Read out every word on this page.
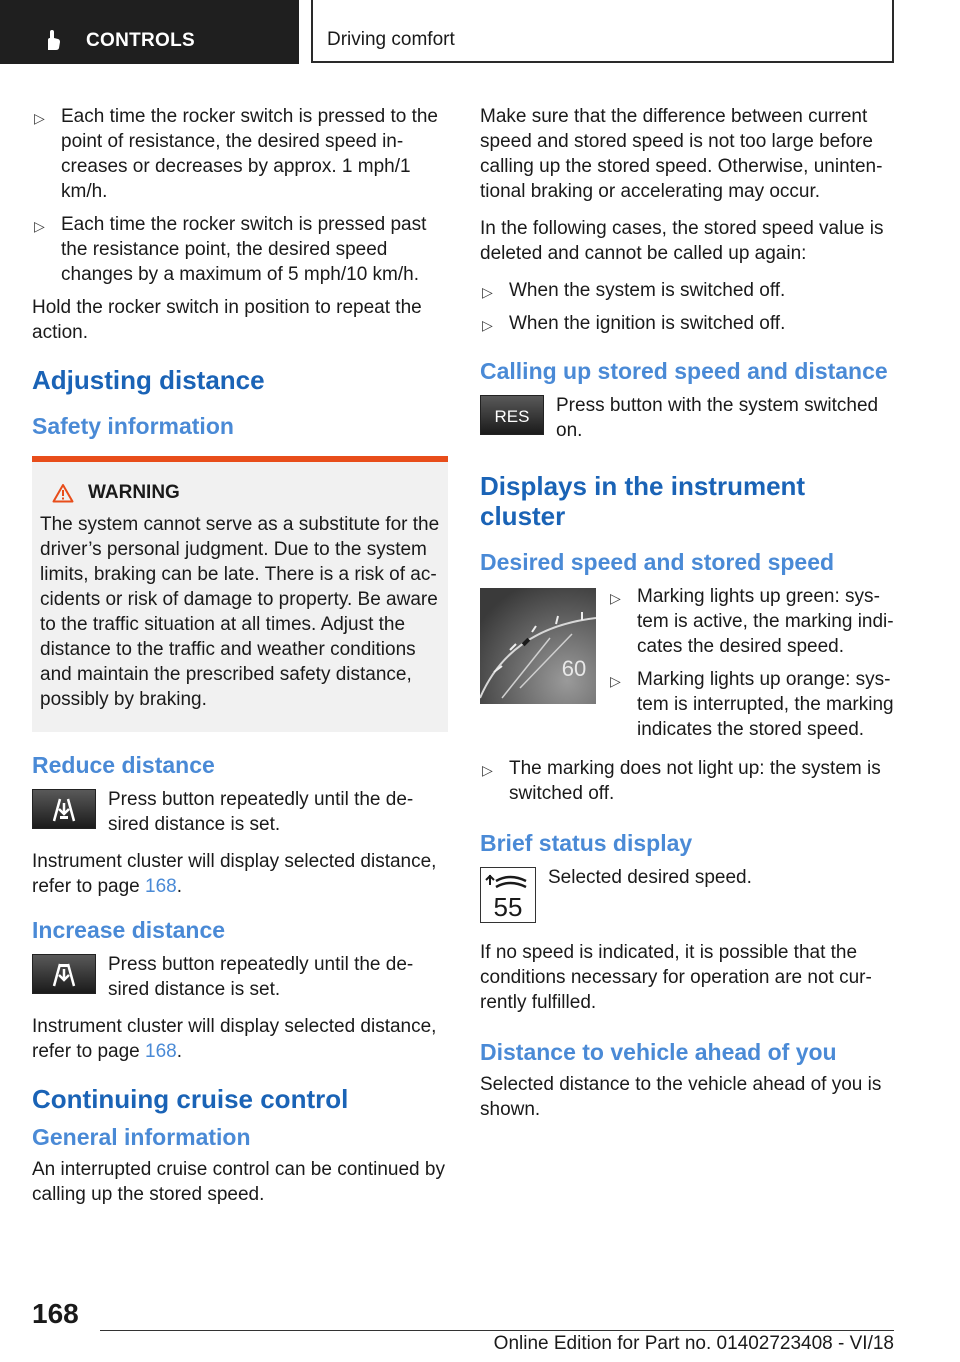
CONTROLS	Driving comfort
▷ Each time the rocker switch is pressed to the point of resistance, the desired speed increases or decreases by approx. 1 mph/1 km/h.
▷ Each time the rocker switch is pressed past the resistance point, the desired speed changes by a maximum of 5 mph/10 km/h.

Hold the rocker switch in position to repeat the action.

Adjusting distance
Safety information
WARNING

The system cannot serve as a substitute for the driver’s personal judgment. Due to the system limits, braking can be late. There is a risk of accidents or risk of damage to property. Be aware to the traffic situation at all times. Adjust the distance to the traffic and weather conditions and maintain the prescribed safety distance, possibly by braking.

Reduce distance

Press button repeatedly until the desired distance is set.

Instrument cluster will display selected distance, refer to page 168.

Increase distance

Press button repeatedly until the desired distance is set.

Instrument cluster will display selected distance, refer to page 168.

Continuing cruise control
General information

An interrupted cruise control can be continued by calling up the stored speed.

Make sure that the difference between current speed and stored speed is not too large before calling up the stored speed. Otherwise, unintentional braking or accelerating may occur.

In the following cases, the stored speed value is deleted and cannot be called up again:

▷ When the system is switched off.
▷ When the ignition is switched off.
Calling up stored speed and distance
RES

Press button with the system switched on.

Displays in the instrument cluster
Desired speed and stored speed
60
▷ Marking lights up green: system is active, the marking indicates the desired speed.
▷ Marking lights up orange: system is interrupted, the marking indicates the stored speed.
▷ The marking does not light up: the system is switched off.
Brief status display
55

Selected desired speed.

If no speed is indicated, it is possible that the conditions necessary for operation are not currently fulfilled.

Distance to vehicle ahead of you

Selected distance to the vehicle ahead of you is shown.

168
Online Edition for Part no. 01402723408 - VI/18
